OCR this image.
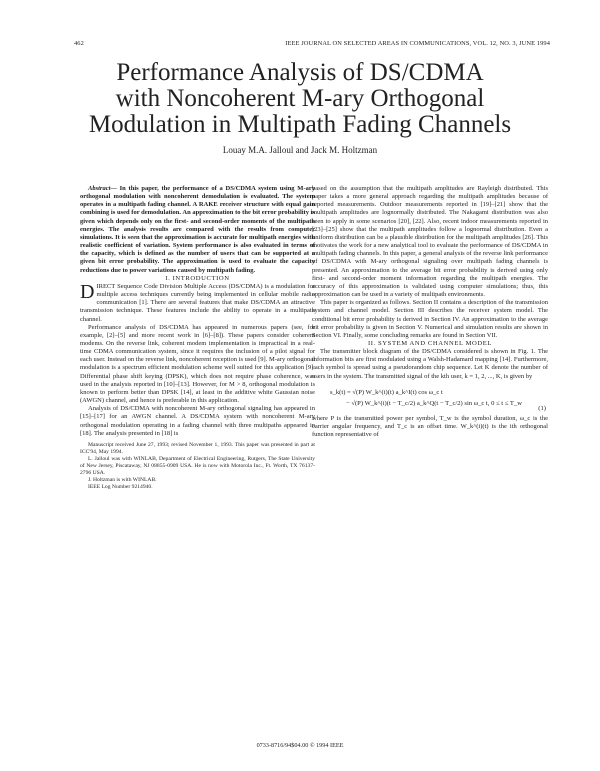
462	IEEE JOURNAL ON SELECTED AREAS IN COMMUNICATIONS, VOL. 12, NO. 3, JUNE 1994
Performance Analysis of DS/CDMA
with Noncoherent M-ary Orthogonal
Modulation in Multipath Fading Channels
Louay M.A. Jalloul and Jack M. Holtzman

Abstract— In this paper, the performance of a DS/CDMA system using M-ary orthogonal modulation with noncoherent demodulation is evaluated. The system operates in a multipath fading channel. A RAKE receiver structure with equal gain combining is used for demodulation. An approximation to the bit error probability is given which depends only on the first- and second-order moments of the multipath energies. The analysis results are compared with the results from computer simulations. It is seen that the approximation is accurate for multipath energies with realistic coefficient of variation. System performance is also evaluated in terms of the capacity, which is defined as the number of users that can be supported at a given bit error probability. The approximation is used to evaluate the capacity reductions due to power variations caused by multipath fading.

I. INTRODUCTION

DIRECT Sequence Code Division Multiple Access (DS/CDMA) is a modulation for multiple access techniques currently being implemented in cellular mobile radio communication [1]. There are several features that make DS/CDMA an attractive transmission technique. These features include the ability to operate in a multipath channel.

Performance analysis of DS/CDMA has appeared in numerous papers (see, for example, [2]–[5] and more recent work in [6]–[8]). These papers consider coherent modems. On the reverse link, coherent modem implementation is impractical in a real-time CDMA communication system, since it requires the inclusion of a pilot signal for each user. Instead on the reverse link, noncoherent reception is used [9]. M-ary orthogonal modulation is a spectrum efficient modulation scheme well suited for this application [9]. Differential phase shift keying (DPSK), which does not require phase coherence, was used in the analysis reported in [10]–[13]. However, for M > 8, orthogonal modulation is known to perform better than DPSK [14], at least in the additive white Gaussian noise (AWGN) channel, and hence is preferable in this application.

Analysis of DS/CDMA with noncoherent M-ary orthogonal signaling has appeared in [15]–[17] for an AWGN channel. A DS/CDMA system with noncoherent M-ary orthogonal modulation operating in a fading channel with three multipaths appeared in [18]. The analysis presented in [18] is

Manuscript received June 27, 1993; revised November 1, 1993. This paper was presented in part at ICC'94, May 1994.
L. Jalloul was with WINLAB, Department of Electrical Engineering, Rutgers, The State University of New Jersey, Piscataway, NJ 08855-0909 USA. He is now with Motorola Inc., Ft. Worth, TX 76137-2796 USA.
J. Holtzman is with WINLAB.
IEEE Log Number 9214940.

based on the assumption that the multipath amplitudes are Rayleigh distributed. This paper takes a more general approach regarding the multipath amplitudes because of reported measurements. Outdoor measurements reported in [19]–[21] show that the multipath amplitudes are lognormally distributed. The Nakagami distribution was also seen to apply in some scenarios [20], [22]. Also, recent indoor measurements reported in [23]–[25] show that the multipath amplitudes follow a lognormal distribution. Even a uniform distribution can be a plausible distribution for the multipath amplitudes [26]. This motivates the work for a new analytical tool to evaluate the performance of DS/CDMA in multipath fading channels. In this paper, a general analysis of the reverse link performance of DS/CDMA with M-ary orthogonal signaling over multipath fading channels is presented. An approximation to the average bit error probability is derived using only first- and second-order moment information regarding the multipath energies. The accuracy of this approximation is validated using computer simulations; thus, this approximation can be used in a variety of multipath environments.

This paper is organized as follows. Section II contains a description of the transmission system and channel model. Section III describes the receiver system model. The conditional bit error probability is derived in Section IV. An approximation to the average bit error probability is given in Section V. Numerical and simulation results are shown in Section VI. Finally, some concluding remarks are found in Section VII.

II. SYSTEM AND CHANNEL MODEL

The transmitter block diagram of the DS/CDMA considered is shown in Fig. 1. The information bits are first modulated using a Walsh-Hadamard mapping [14]. Furthermore, each symbol is spread using a pseudorandom chip sequence. Let K denote the number of users in the system. The transmitted signal of the kth user, k = 1, 2, ..., K, is given by

s_k(t) = √(P) W_k^(i)(t) a_k^I(t) cos ω_c t
− √(P) W_k^(i)(t − T_c/2) a_k^Q(t − T_c/2) sin ω_c t, 0 ≤ t ≤ T_w
(1)

where P is the transmitted power per symbol, T_w is the symbol duration, ω_c is the carrier angular frequency, and T_c is an offset time. W_k^(i)(t) is the ith orthogonal function representative of

0733-8716/94$04.00 © 1994 IEEE
